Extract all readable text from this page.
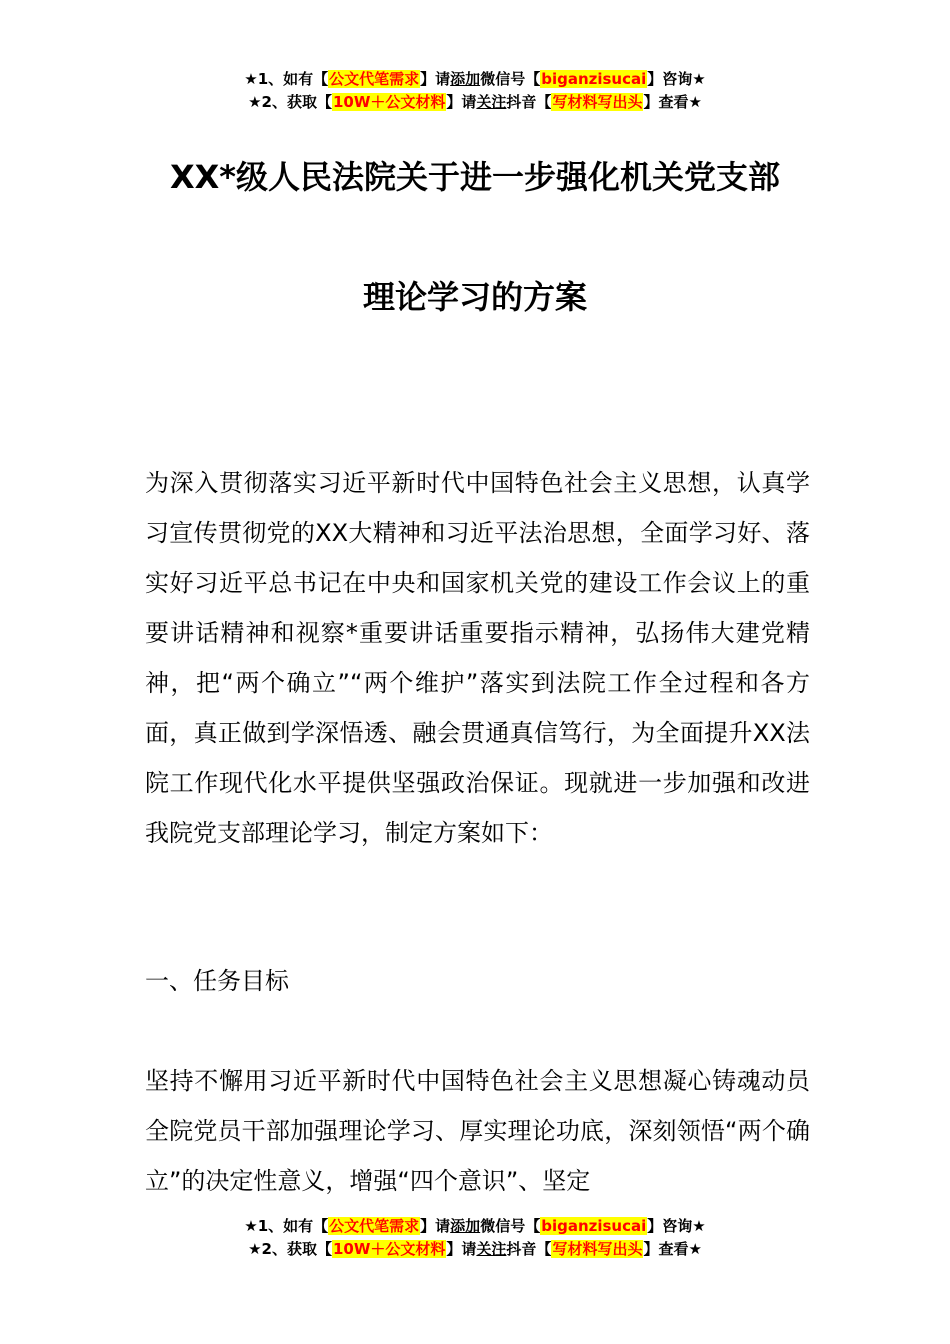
★1、如有【公文代笔需求】请添加微信号【biganzisucai】咨询★
★2、获取【10W＋公文材料】请关注抖音【写材料写出头】查看★
XX*级人民法院关于进一步强化机关党支部
理论学习的方案
为深入贯彻落实习近平新时代中国特色社会主义思想，认真学习宣传贯彻党的XX大精神和习近平法治思想，全面学习好、落实好习近平总书记在中央和国家机关党的建设工作会议上的重要讲话精神和视察*重要讲话重要指示精神，弘扬伟大建党精神，把“两个确立”“两个维护”落实到法院工作全过程和各方面，真正做到学深悟透、融会贯通真信笃行，为全面提升XX法院工作现代化水平提供坚强政治保证。现就进一步加强和改进我院党支部理论学习，制定方案如下：
一、任务目标
坚持不懈用习近平新时代中国特色社会主义思想凝心铸魂动员全院党员干部加强理论学习、厚实理论功底，深刻领悟“两个确立”的决定性意义，增强“四个意识”、坚定
★1、如有【公文代笔需求】请添加微信号【biganzisucai】咨询★
★2、获取【10W＋公文材料】请关注抖音【写材料写出头】查看★
